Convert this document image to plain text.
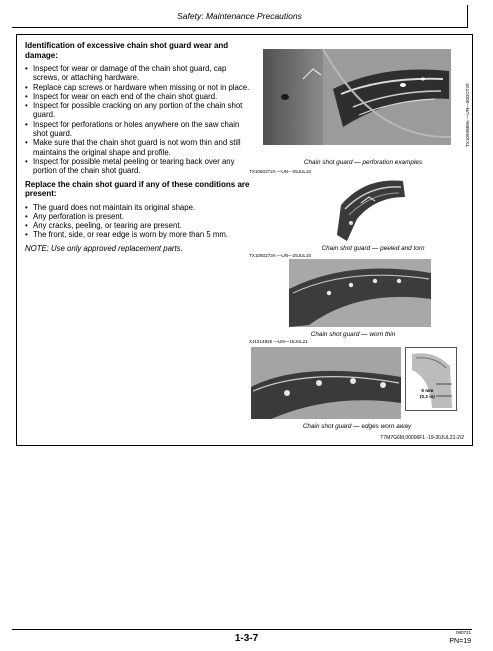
Safety: Maintenance Precautions
Identification of excessive chain shot guard wear and damage:
• Inspect for wear or damage of the chain shot guard, cap screws, or attaching hardware.
• Replace cap screws or hardware when missing or not in place.
• Inspect for wear on each end of the chain shot guard.
• Inspect for possible cracking on any portion of the chain shot guard.
• Inspect for perforations or holes anywhere on the saw chain shot guard.
• Make sure that the chain shot guard is not worn thin and still maintains the original shape and profile.
• Inspect for possible metal peeling or tearing back over any portion of the chain shot guard.
Replace the chain shot guard if any of these conditions are present:
• The guard does not maintain its original shape.
• Any perforation is present.
• Any cracks, peeling, or tearing are present.
• The front, side, or rear edge is worn by more than 5 mm.
NOTE: Use only approved replacement parts.
TX1094889A —UN—30OCT20
Chain shot guard — perforation examples
TX1060272A —UN—25JUL10
Chain shot guard — peeled and torn
TX1060273A —UN—25JUL10
Chain shot guard — worn thin
XJ1314825 —UN—15JUL21
5 mm
(0.2 in)
Chain shot guard — edges worn away
T7M7G6M,00006F1 -19-30JUL21-2/2
1-3-7
080721
PN=19
